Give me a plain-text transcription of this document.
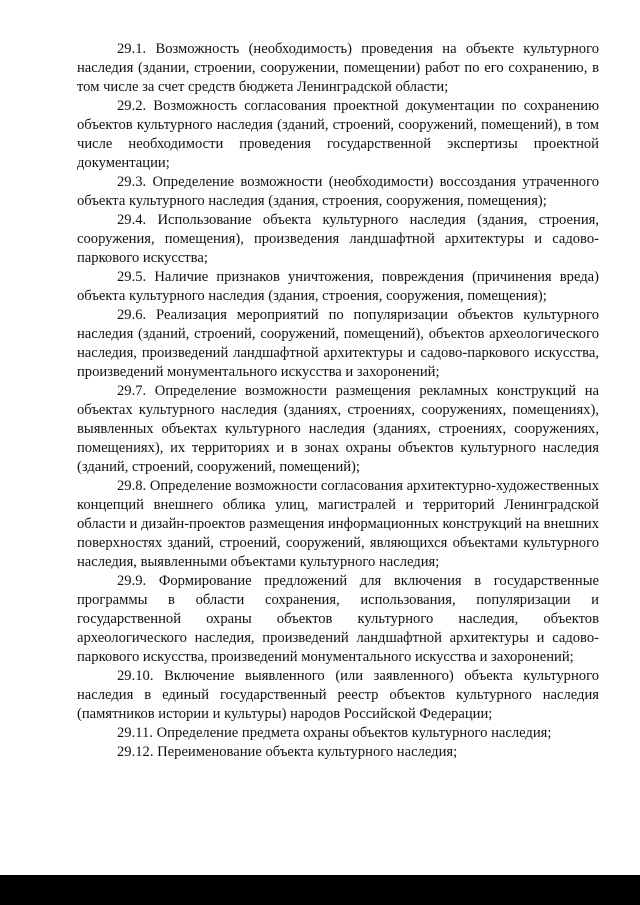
29.1. Возможность (необходимость) проведения на объекте культурного наследия (здании, строении, сооружении, помещении) работ по его сохранению, в том числе за счет средств бюджета Ленинградской области;

29.2. Возможность согласования проектной документации по сохранению объектов культурного наследия (зданий, строений, сооружений, помещений), в том числе необходимости проведения государственной экспертизы проектной документации;

29.3. Определение возможности (необходимости) воссоздания утраченного объекта культурного наследия (здания, строения, сооружения, помещения);

29.4. Использование объекта культурного наследия (здания, строения, сооружения, помещения), произведения ландшафтной архитектуры и садово-паркового искусства;

29.5. Наличие признаков уничтожения, повреждения (причинения вреда) объекта культурного наследия (здания, строения, сооружения, помещения);

29.6. Реализация мероприятий по популяризации объектов культурного наследия (зданий, строений, сооружений, помещений), объектов археологического наследия, произведений ландшафтной архитектуры и садово-паркового искусства, произведений монументального искусства и захоронений;

29.7. Определение возможности размещения рекламных конструкций на объектах культурного наследия (зданиях, строениях, сооружениях, помещениях), выявленных объектах культурного наследия (зданиях, строениях, сооружениях, помещениях), их территориях и в зонах охраны объектов культурного наследия (зданий, строений, сооружений, помещений);

29.8. Определение возможности согласования архитектурно-художественных концепций внешнего облика улиц, магистралей и территорий Ленинградской области и дизайн-проектов размещения информационных конструкций на внешних поверхностях зданий, строений, сооружений, являющихся объектами культурного наследия, выявленными объектами культурного наследия;

29.9. Формирование предложений для включения в государственные программы в области сохранения, использования, популяризации и государственной охраны объектов культурного наследия, объектов археологического наследия, произведений ландшафтной архитектуры и садово-паркового искусства, произведений монументального искусства и захоронений;

29.10. Включение выявленного (или заявленного) объекта культурного наследия в единый государственный реестр объектов культурного наследия (памятников истории и культуры) народов Российской Федерации;

29.11. Определение предмета охраны объектов культурного наследия;

29.12. Переименование объекта культурного наследия;
